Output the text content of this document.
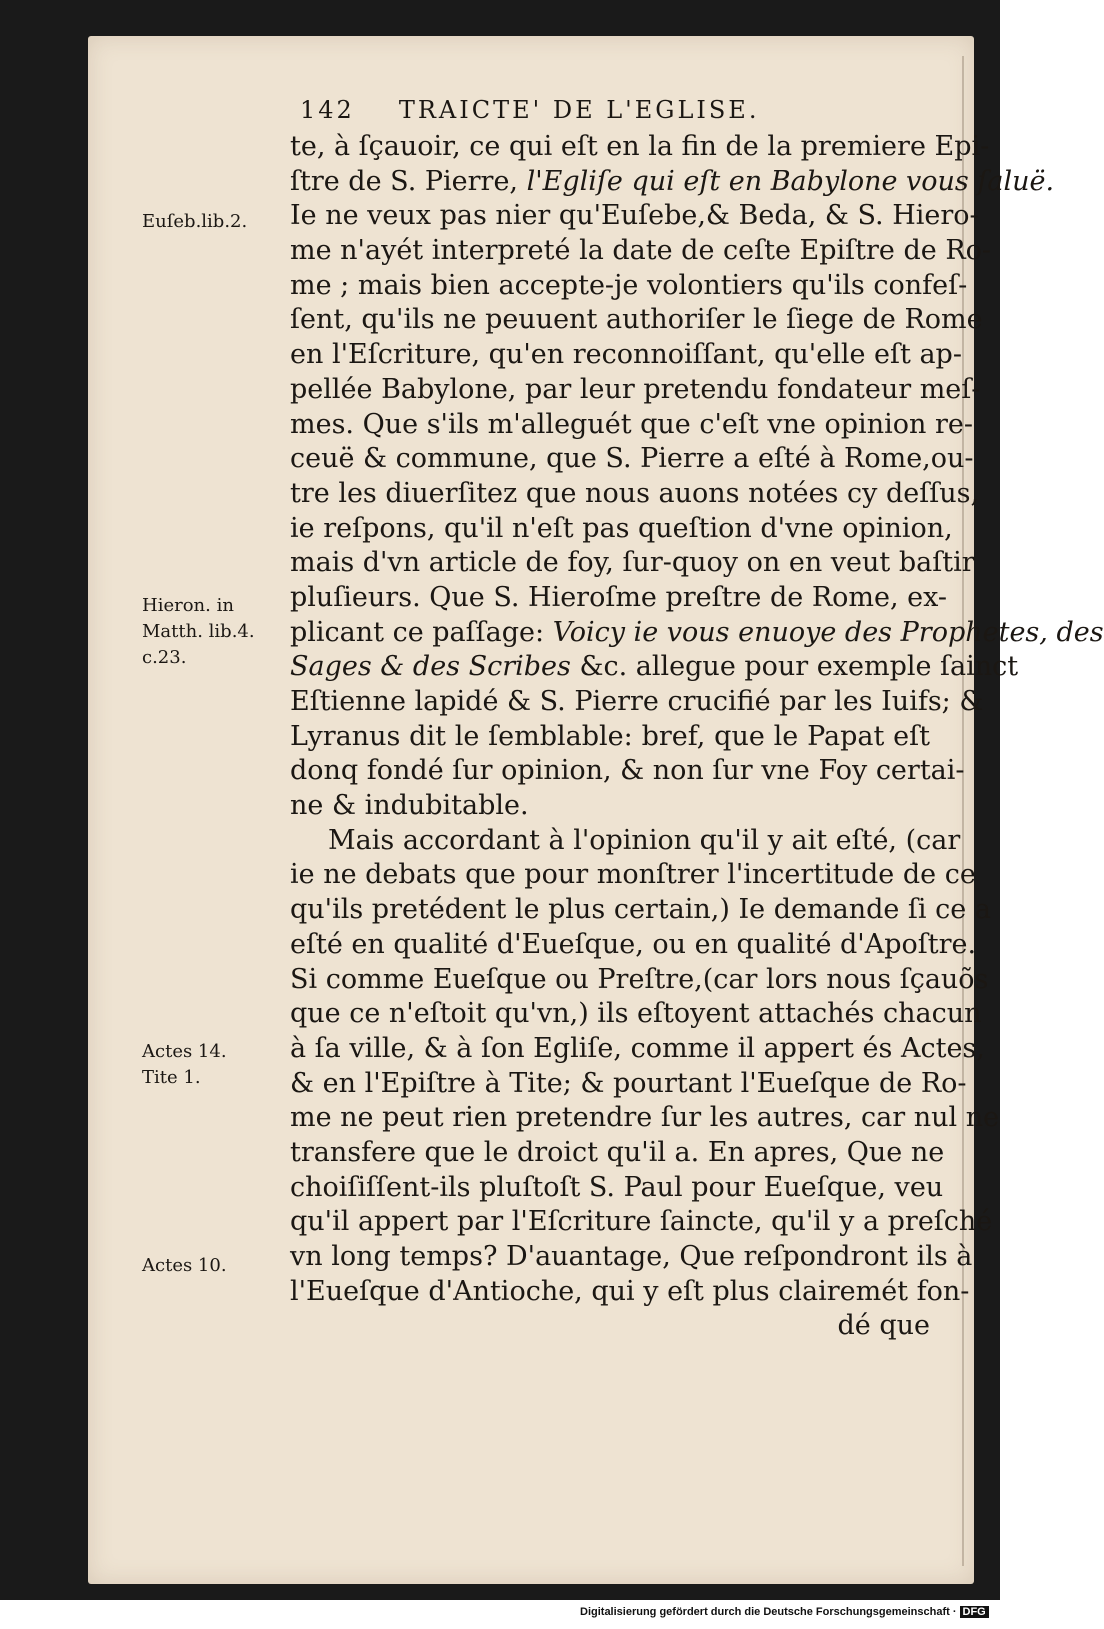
142 TRAICTE' DE L'EGLISE.
Euſeb.lib.2.
Hieron. in
Matth. lib.4.
c.23.
Actes 14.
Tite 1.
Actes 10.
te, à ſçauoir, ce qui eſt en la fin de la premiere Epi-
ſtre de S. Pierre, l'Egliſe qui eſt en Babylone vous ſaluë.
Ie ne veux pas nier qu'Euſebe,& Beda, & S. Hiero-
me n'ayét interpreté la date de ceſte Epiſtre de Ro-
me ; mais bien accepte-je volontiers qu'ils confeſ-
ſent, qu'ils ne peuuent authoriſer le ſiege de Rome
en l'Eſcriture, qu'en reconnoiſſant, qu'elle eſt ap-
pellée Babylone, par leur pretendu fondateur meſ-
mes. Que s'ils m'alleguét que c'eſt vne opinion re-
ceuë & commune, que S. Pierre a eſté à Rome,ou-
tre les diuerſitez que nous auons notées cy deſſus,
ie reſpons, qu'il n'eſt pas queſtion d'vne opinion,
mais d'vn article de foy, ſur-quoy on en veut baſtir
pluſieurs. Que S. Hieroſme preſtre de Rome, ex-
plicant ce paſſage: Voicy ie vous enuoye des Prophetes, des
Sages & des Scribes &c. allegue pour exemple ſainct
Eſtienne lapidé & S. Pierre crucifié par les Iuifs; &
Lyranus dit le ſemblable: bref, que le Papat eſt
donq fondé ſur opinion, & non ſur vne Foy certai-
ne & indubitable.
Mais accordant à l'opinion qu'il y ait eſté, (car
ie ne debats que pour monſtrer l'incertitude de ce
qu'ils pretédent le plus certain,) Ie demande ſi ce a
eſté en qualité d'Eueſque, ou en qualité d'Apoſtre.
Si comme Eueſque ou Preſtre,(car lors nous ſçauõs
que ce n'eſtoit qu'vn,) ils eſtoyent attachés chacun
à ſa ville, & à ſon Egliſe, comme il appert és Actes,
& en l'Epiſtre à Tite; & pourtant l'Eueſque de Ro-
me ne peut rien pretendre ſur les autres, car nul ne
transfere que le droict qu'il a. En apres, Que ne
choiſiſſent-ils pluſtoſt S. Paul pour Eueſque, veu
qu'il appert par l'Eſcriture ſaincte, qu'il y a preſché
vn long temps? D'auantage, Que reſpondront ils à
l'Eueſque d'Antioche, qui y eſt plus clairemét fon-
dé que
Digitalisierung gefördert durch die Deutsche Forschungsgemeinschaft · DFG
